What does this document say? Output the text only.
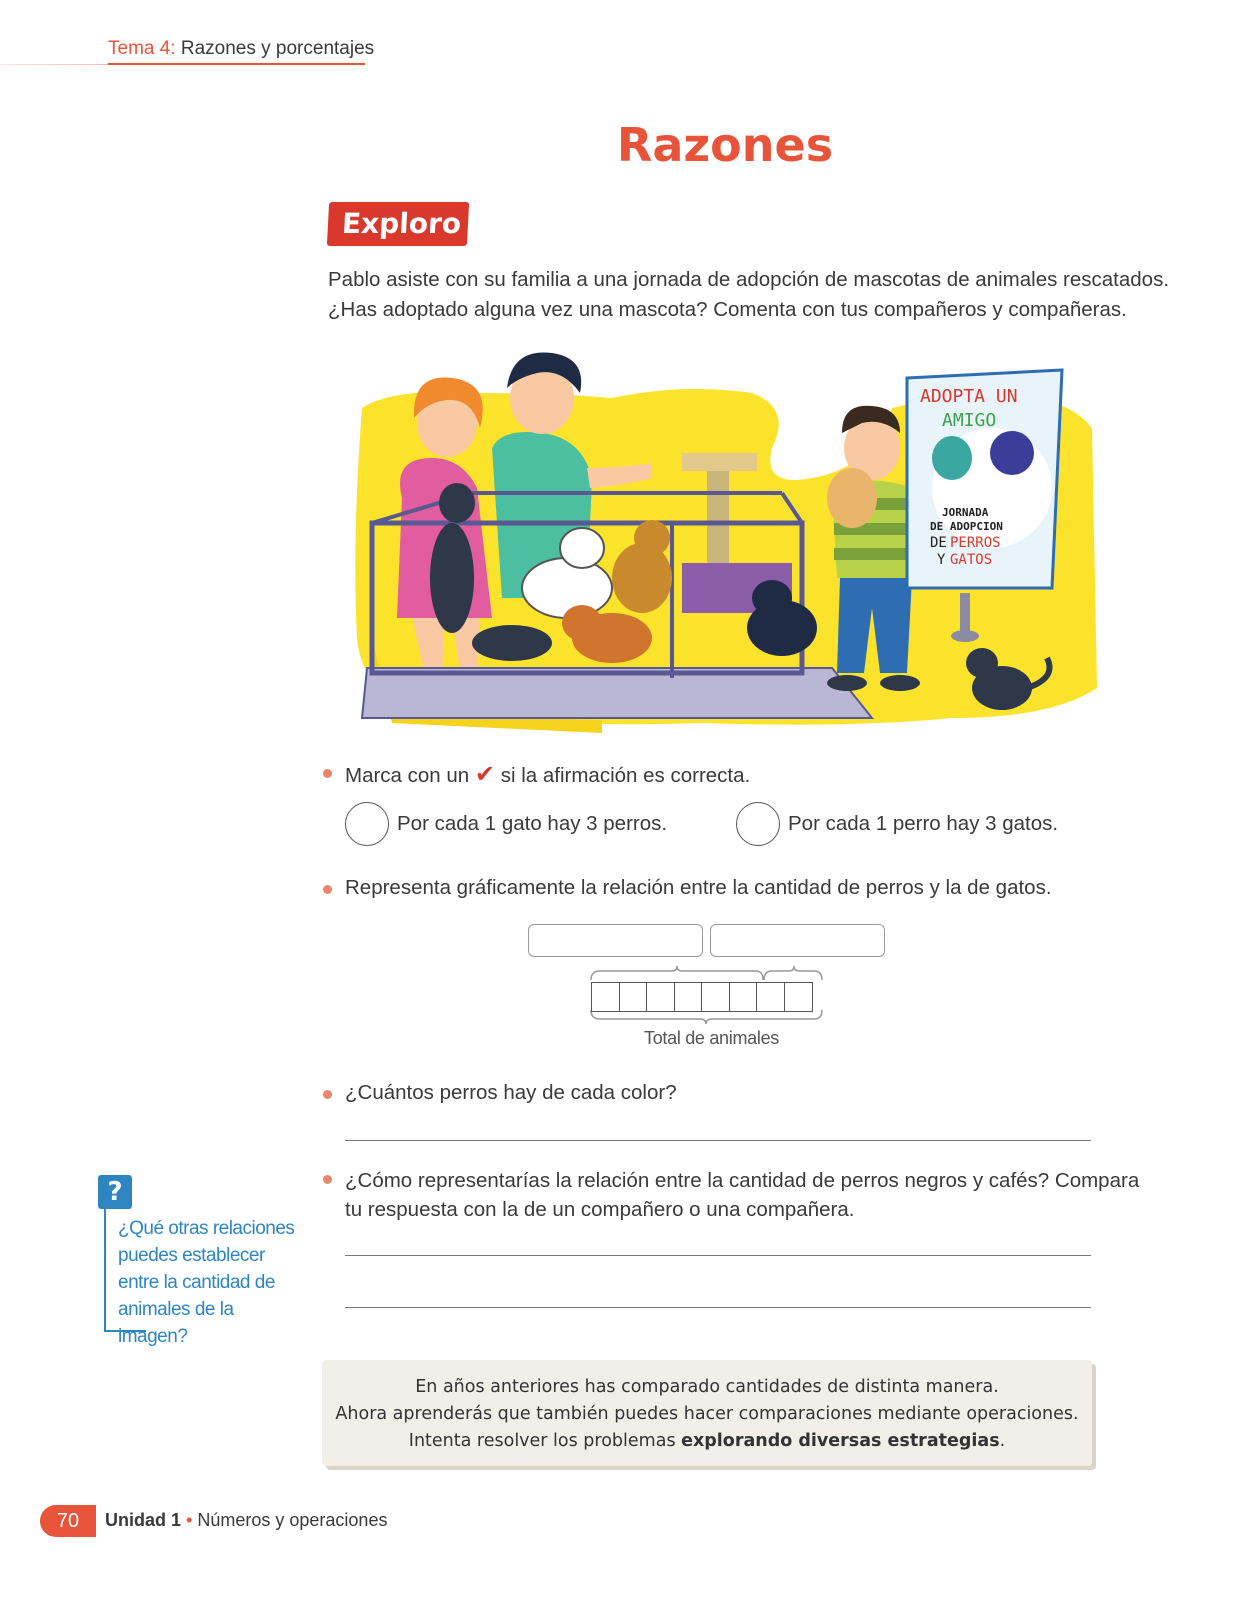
Tema 4: Razones y porcentajes
Razones
Exploro

Pablo asiste con su familia a una jornada de adopción de mascotas de animales rescatados.

¿Has adoptado alguna vez una mascota? Comenta con tus compañeros y compañeras.

ADOPTA UN
AMIGO
JORNADA
DE ADOPCION
DE PERROS
Y GATOS
Marca con un ✔ si la afirmación es correcta.
Por cada 1 gato hay 3 perros.	Por cada 1 perro hay 3 gatos.
Representa gráficamente la relación entre la cantidad de perros y la de gatos.
Total de animales
¿Cuántos perros hay de cada color?
¿Cómo representarías la relación entre la cantidad de perros negros y cafés? Compara
tu respuesta con la de un compañero o una compañera.
?
¿Qué otras relaciones
puedes establecer
entre la cantidad de
animales de la imagen?

En años anteriores has comparado cantidades de distinta manera.

Ahora aprenderás que también puedes hacer comparaciones mediante operaciones.

Intenta resolver los problemas explorando diversas estrategias.

70	Unidad 1 • Números y operaciones
